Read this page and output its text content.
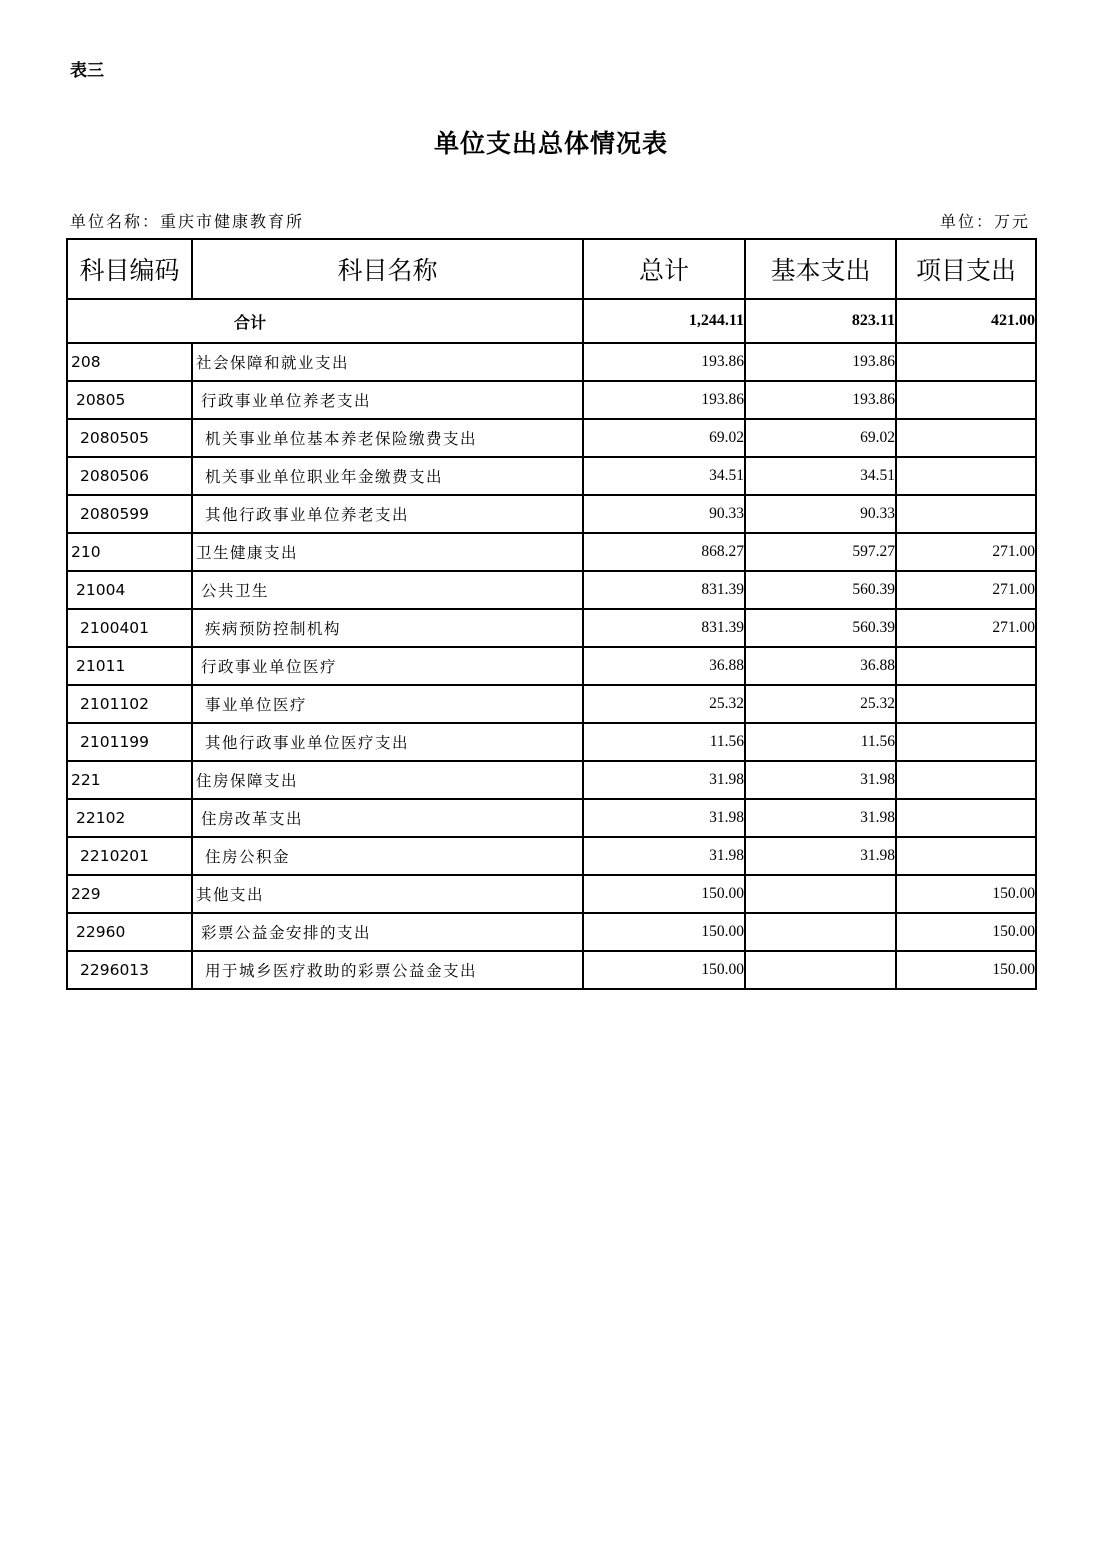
表三
单位支出总体情况表
单位名称：重庆市健康教育所	单位：万元
科目编码	科目名称	总计	基本支出	项目支出
合计		1,244.11	823.11	421.00
208	社会保障和就业支出	193.86	193.86	
20805	行政事业单位养老支出	193.86	193.86	
2080505	机关事业单位基本养老保险缴费支出	69.02	69.02	
2080506	机关事业单位职业年金缴费支出	34.51	34.51	
2080599	其他行政事业单位养老支出	90.33	90.33	
210	卫生健康支出	868.27	597.27	271.00
21004	公共卫生	831.39	560.39	271.00
2100401	疾病预防控制机构	831.39	560.39	271.00
21011	行政事业单位医疗	36.88	36.88	
2101102	事业单位医疗	25.32	25.32	
2101199	其他行政事业单位医疗支出	11.56	11.56	
221	住房保障支出	31.98	31.98	
22102	住房改革支出	31.98	31.98	
2210201	住房公积金	31.98	31.98	
229	其他支出	150.00		150.00
22960	彩票公益金安排的支出	150.00		150.00
2296013	用于城乡医疗救助的彩票公益金支出	150.00		150.00
